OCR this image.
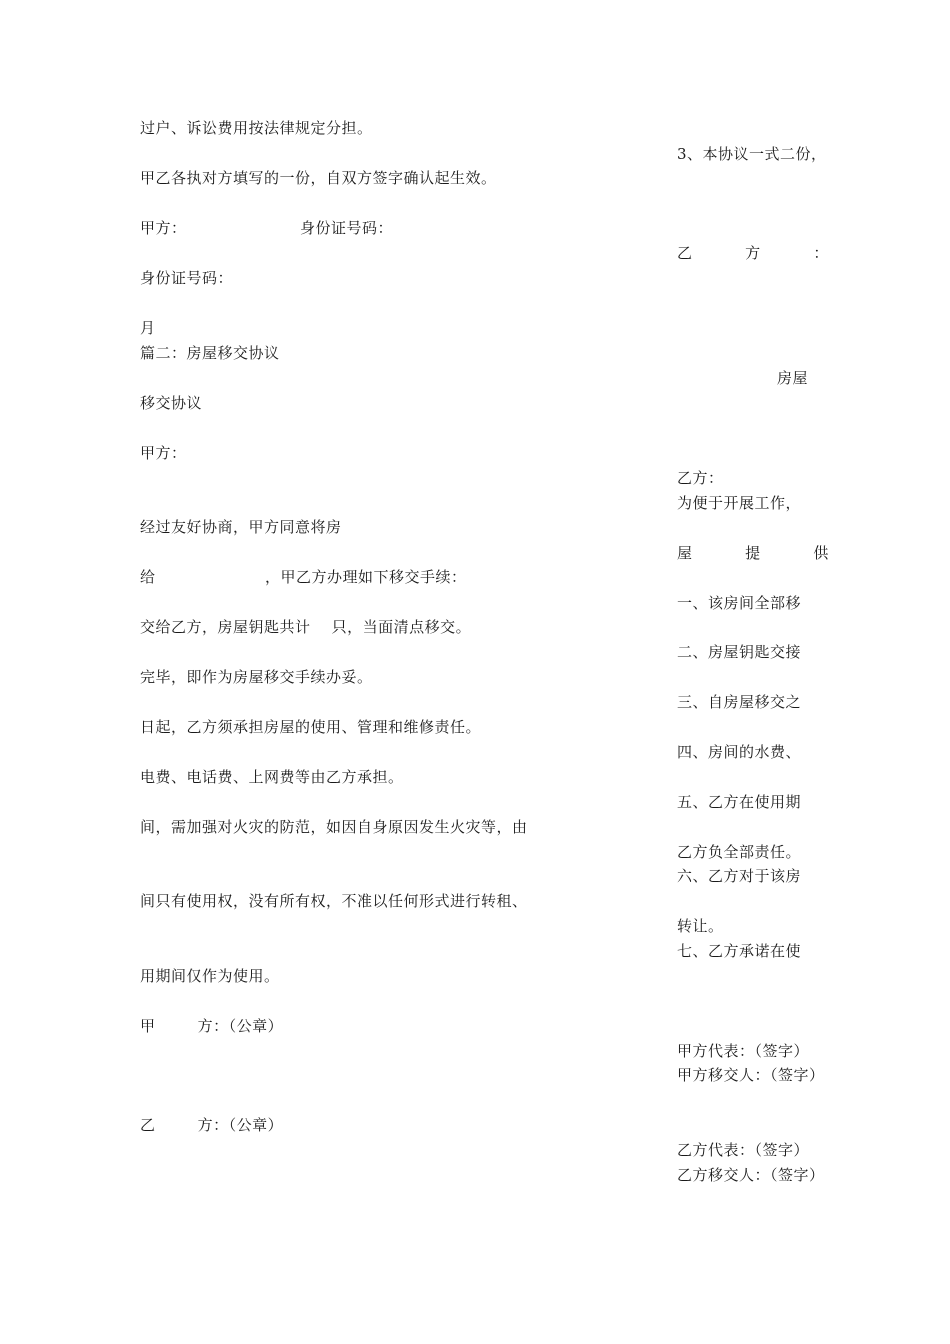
过户、诉讼费用按法律规定分担。
甲乙各执对方填写的一份，自双方签字确认起生效。
甲方：	身份证号码：
身份证号码：
月
篇二：房屋移交协议
移交协议
甲方：
经过友好协商，甲方同意将房
给	，甲乙方办理如下移交手续：
交给乙方，房屋钥匙共计    只，当面清点移交。
完毕，即作为房屋移交手续办妥。
日起，乙方须承担房屋的使用、管理和维修责任。
电费、电话费、上网费等由乙方承担。
间，需加强对火灾的防范，如因自身原因发生火灾等，由
间只有使用权，没有所有权，不准以任何形式进行转租、
用期间仅作为使用。
甲        方：（公章）
乙        方：（公章）
3、本协议一式二份，
乙          方          ：
房屋
乙方：
为便于开展工作，
屋          提          供
一、该房间全部移
二、房屋钥匙交接
三、自房屋移交之
四、房间的水费、
五、乙方在使用期
乙方负全部责任。
六、乙方对于该房
转让。
七、乙方承诺在使
甲方代表：（签字）
甲方移交人：（签字）
乙方代表：（签字）
乙方移交人：（签字）
